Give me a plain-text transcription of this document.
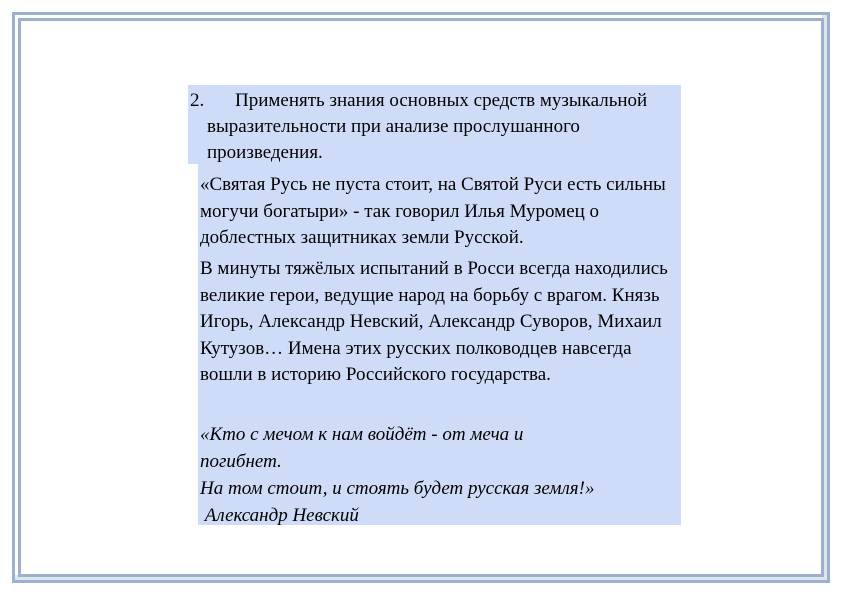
2.	Применять знания основных средств музыкальной выразительности при анализе прослушанного произведения.

«Святая Русь не пуста стоит, на Святой Руси есть сильны могучи богатыри» - так говорил Илья Муромец о доблестных защитниках земли Русской.

В минуты тяжёлых испытаний в Росси всегда находились великие герои, ведущие народ на борьбу с врагом. Князь Игорь, Александр Невский, Александр Суворов, Михаил Кутузов… Имена этих русских полководцев навсегда вошли в историю Российского государства.

«Кто с мечом к нам войдёт - от меча и
погибнет.
На том стоит, и стоять будет русская земля!»
Александр Невский
